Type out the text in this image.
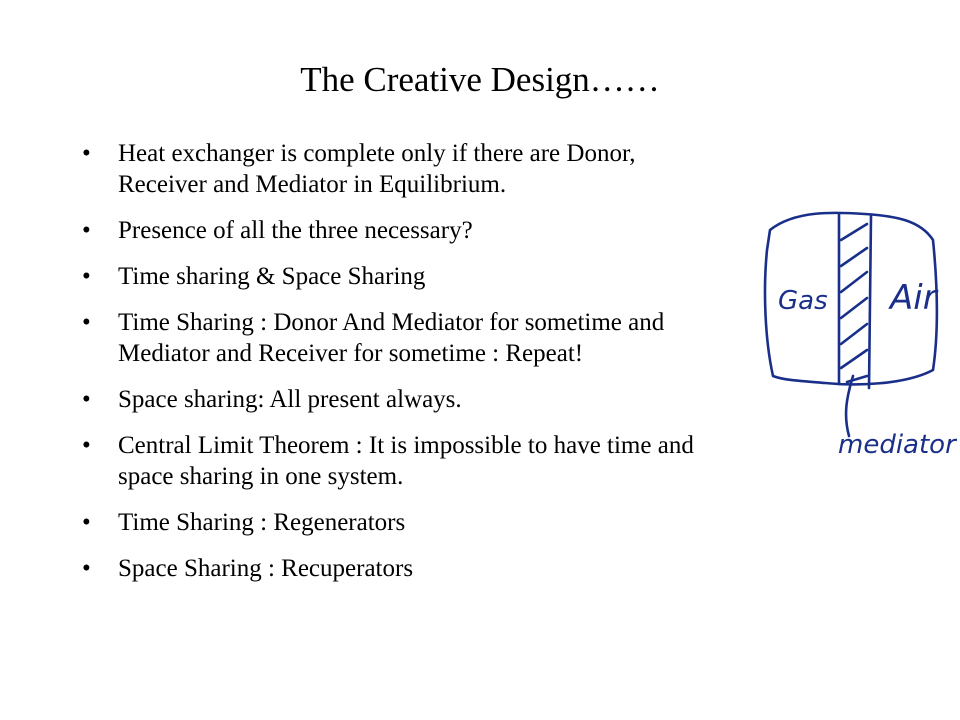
The Creative Design……
• Heat exchanger is complete only if there are Donor,
Receiver and Mediator in Equilibrium.
• Presence of all the three necessary?
• Time sharing & Space Sharing
• Time Sharing : Donor And Mediator for sometime and
Mediator and Receiver for sometime : Repeat!
• Space sharing: All present always.
• Central Limit Theorem : It is impossible to have time and
space sharing in one system.
• Time Sharing : Regenerators
• Space Sharing : Recuperators
Gas Air
mediator
